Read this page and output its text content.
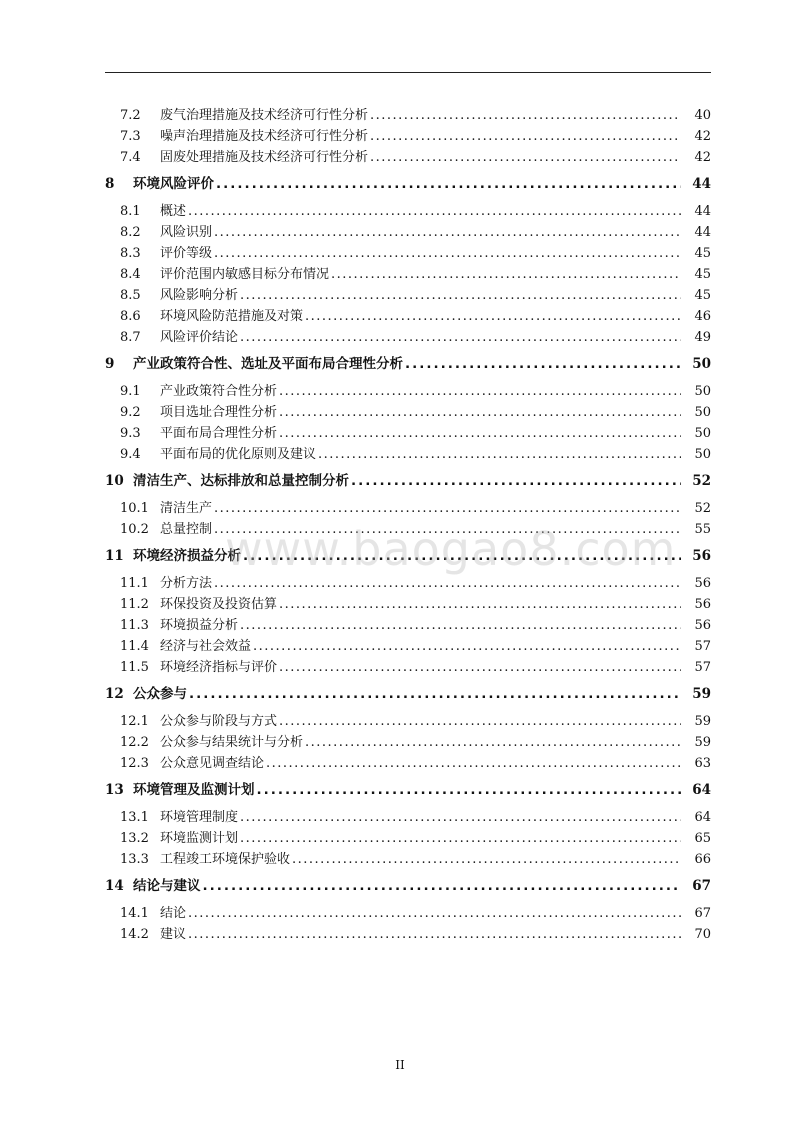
7.2	废气治理措施及技术经济可行性分析 .....	40
7.3	噪声治理措施及技术经济可行性分析 .....	42
7.4	固废处理措施及技术经济可行性分析 .....	42
8	环境风险评价 .....	44
8.1	概述 .....	44
8.2	风险识别 .....	44
8.3	评价等级 .....	45
8.4	评价范围内敏感目标分布情况 .....	45
8.5	风险影响分析 .....	45
8.6	环境风险防范措施及对策 .....	46
8.7	风险评价结论 .....	49
9	产业政策符合性、选址及平面布局合理性分析 .....	50
9.1	产业政策符合性分析 .....	50
9.2	项目选址合理性分析 .....	50
9.3	平面布局合理性分析 .....	50
9.4	平面布局的优化原则及建议 .....	50
10 清洁生产、达标排放和总量控制分析 .....	52
10.1 清洁生产 .....	52
10.2 总量控制 .....	55
11 环境经济损益分析 .....	56
11.1 分析方法 .....	56
11.2 环保投资及投资估算 .....	56
11.3 环境损益分析 .....	56
11.4 经济与社会效益 .....	57
11.5 环境经济指标与评价 .....	57
12 公众参与 .....	59
12.1 公众参与阶段与方式 .....	59
12.2 公众参与结果统计与分析 .....	59
12.3 公众意见调查结论 .....	63
13 环境管理及监测计划 .....	64
13.1 环境管理制度 .....	64
13.2 环境监测计划 .....	65
13.3 工程竣工环境保护验收 .....	66
14 结论与建议 .....	67
14.1 结论 .....	67
14.2 建议 .....	70
www.baogao8.com
II
